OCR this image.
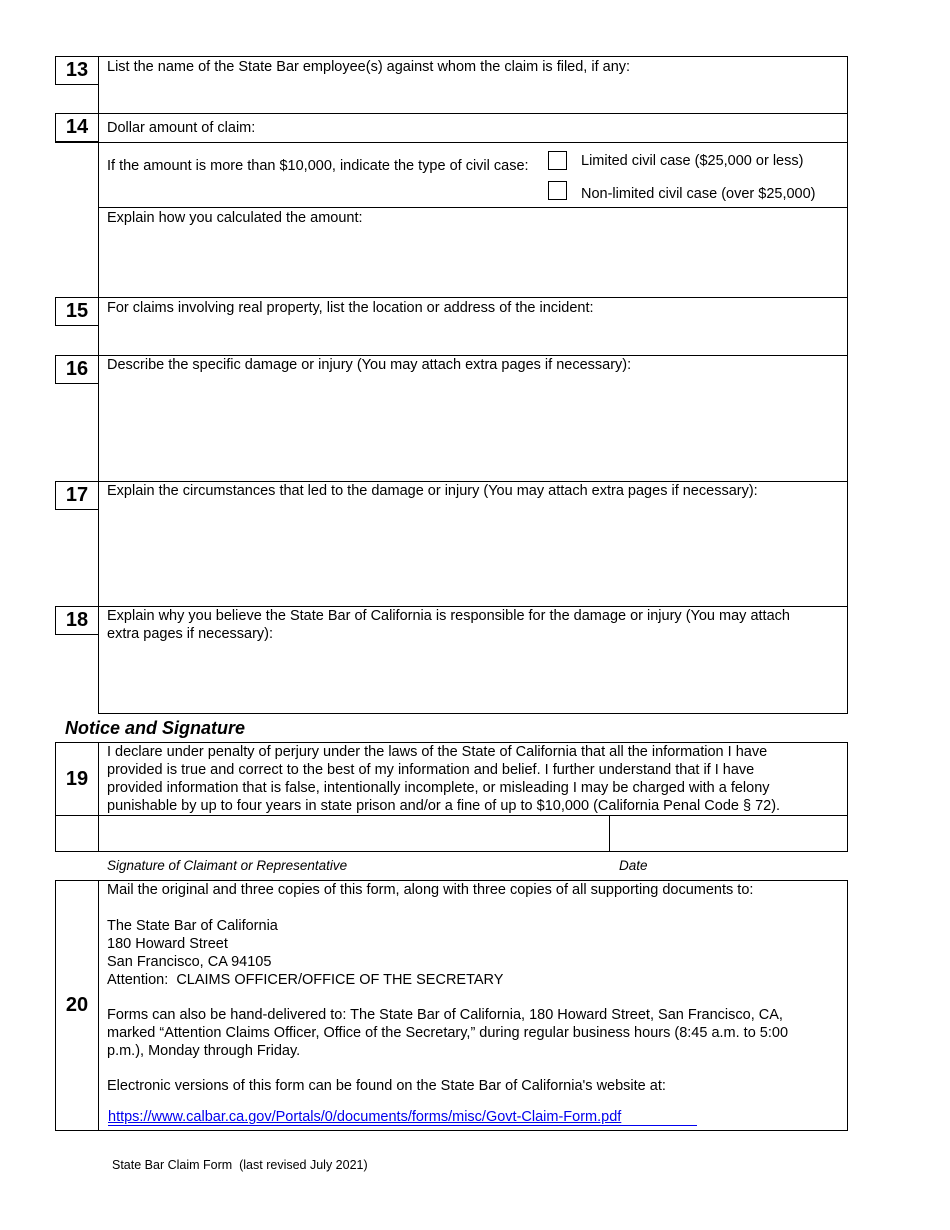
13	List the name of the State Bar employee(s) against whom the claim is filed, if any:
14	Dollar amount of claim:
If the amount is more than $10,000, indicate the type of civil case:	Limited civil case ($25,000 or less)
Non-limited civil case (over $25,000)
Explain how you calculated the amount:
15	For claims involving real property, list the location or address of the incident:
16	Describe the specific damage or injury (You may attach extra pages if necessary):
17	Explain the circumstances that led to the damage or injury (You may attach extra pages if necessary):
18	Explain why you believe the State Bar of California is responsible for the damage or injury (You may attach
extra pages if necessary):
Notice and Signature
19
I declare under penalty of perjury under the laws of the State of California that all the information I have
provided is true and correct to the best of my information and belief. I further understand that if I have
provided information that is false, intentionally incomplete, or misleading I may be charged with a felony
punishable by up to four years in state prison and/or a fine of up to $10,000 (California Penal Code § 72).
Signature of Claimant or Representative	Date
20
Mail the original and three copies of this form, along with three copies of all supporting documents to:
The State Bar of California
180 Howard Street
San Francisco, CA 94105
Attention:  CLAIMS OFFICER/OFFICE OF THE SECRETARY
Forms can also be hand-delivered to: The State Bar of California, 180 Howard Street, San Francisco, CA,
marked “Attention Claims Officer, Office of the Secretary,” during regular business hours (8:45 a.m. to 5:00
p.m.), Monday through Friday.
Electronic versions of this form can be found on the State Bar of California's website at:
https://www.calbar.ca.gov/Portals/0/documents/forms/misc/Govt-Claim-Form.pdf
State Bar Claim Form  (last revised July 2021)
